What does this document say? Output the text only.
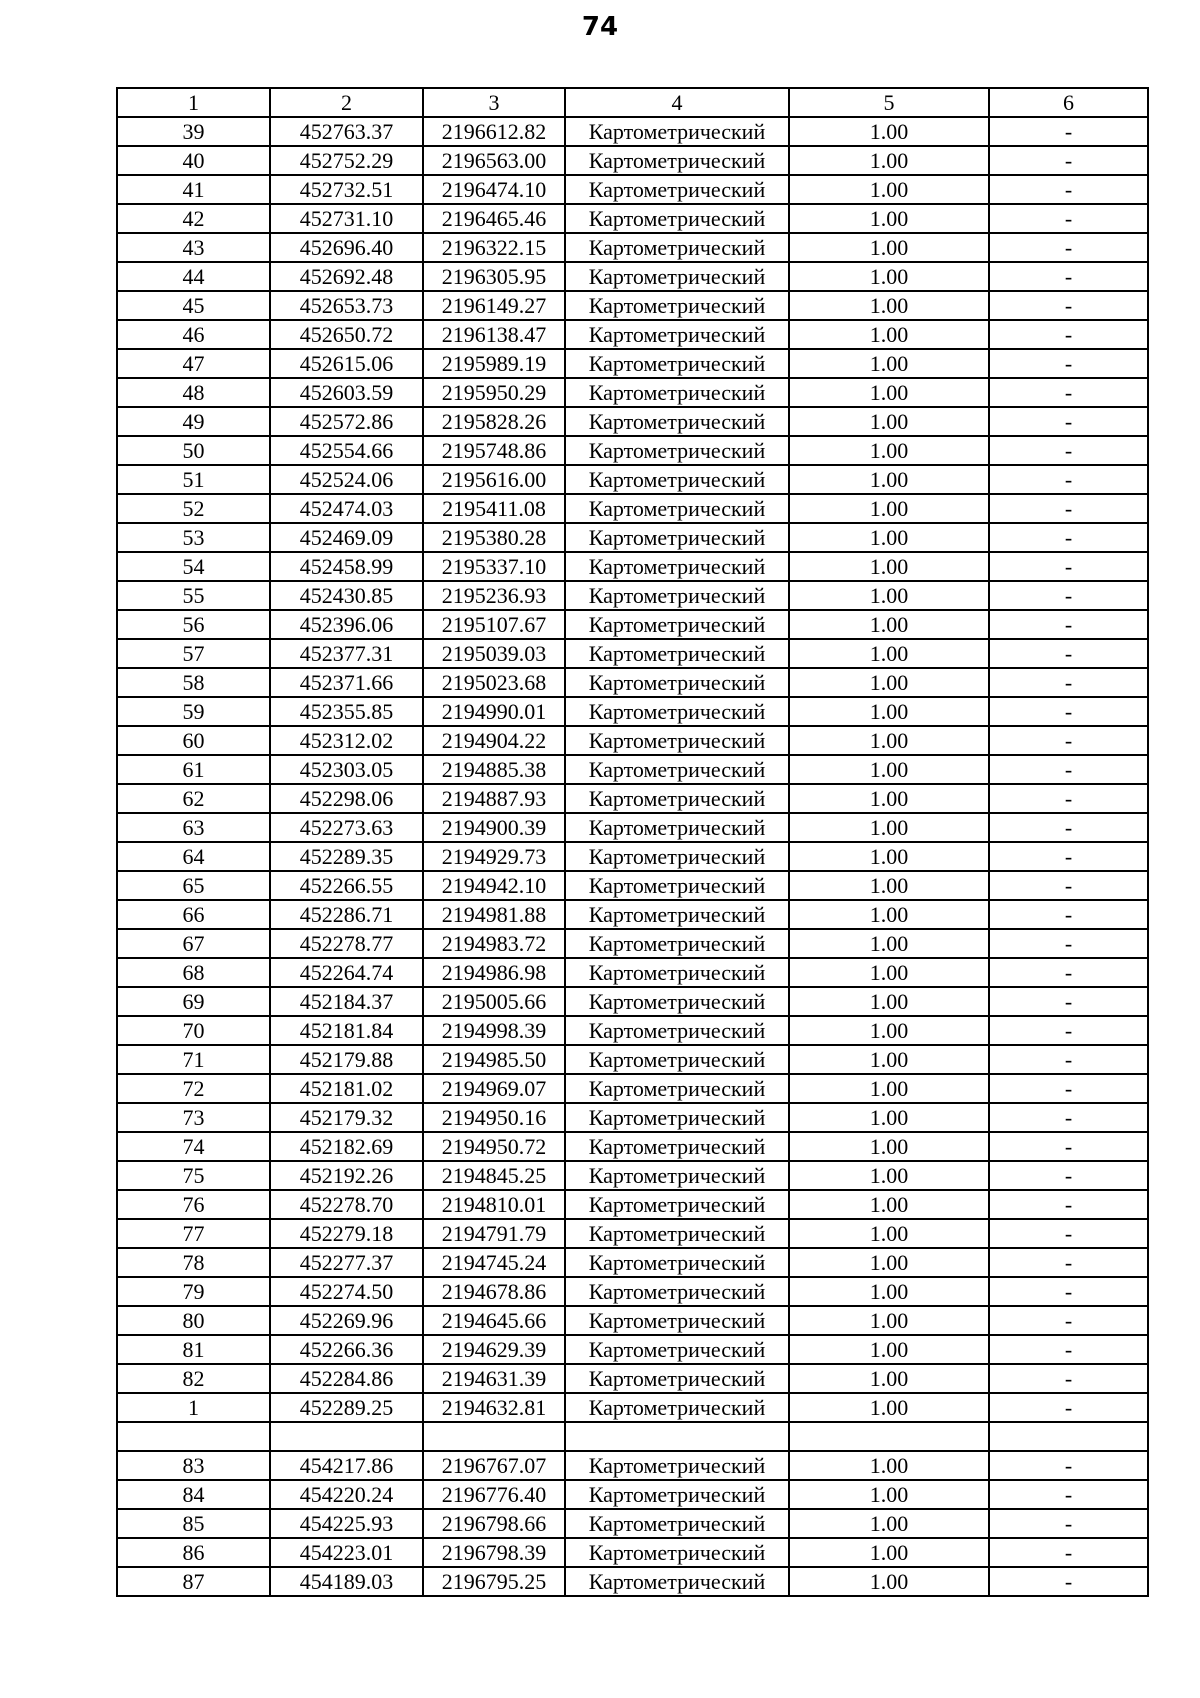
74
1	2	3	4	5	6
39	452763.37	2196612.82	Картометрический	1.00	-
40	452752.29	2196563.00	Картометрический	1.00	-
41	452732.51	2196474.10	Картометрический	1.00	-
42	452731.10	2196465.46	Картометрический	1.00	-
43	452696.40	2196322.15	Картометрический	1.00	-
44	452692.48	2196305.95	Картометрический	1.00	-
45	452653.73	2196149.27	Картометрический	1.00	-
46	452650.72	2196138.47	Картометрический	1.00	-
47	452615.06	2195989.19	Картометрический	1.00	-
48	452603.59	2195950.29	Картометрический	1.00	-
49	452572.86	2195828.26	Картометрический	1.00	-
50	452554.66	2195748.86	Картометрический	1.00	-
51	452524.06	2195616.00	Картометрический	1.00	-
52	452474.03	2195411.08	Картометрический	1.00	-
53	452469.09	2195380.28	Картометрический	1.00	-
54	452458.99	2195337.10	Картометрический	1.00	-
55	452430.85	2195236.93	Картометрический	1.00	-
56	452396.06	2195107.67	Картометрический	1.00	-
57	452377.31	2195039.03	Картометрический	1.00	-
58	452371.66	2195023.68	Картометрический	1.00	-
59	452355.85	2194990.01	Картометрический	1.00	-
60	452312.02	2194904.22	Картометрический	1.00	-
61	452303.05	2194885.38	Картометрический	1.00	-
62	452298.06	2194887.93	Картометрический	1.00	-
63	452273.63	2194900.39	Картометрический	1.00	-
64	452289.35	2194929.73	Картометрический	1.00	-
65	452266.55	2194942.10	Картометрический	1.00	-
66	452286.71	2194981.88	Картометрический	1.00	-
67	452278.77	2194983.72	Картометрический	1.00	-
68	452264.74	2194986.98	Картометрический	1.00	-
69	452184.37	2195005.66	Картометрический	1.00	-
70	452181.84	2194998.39	Картометрический	1.00	-
71	452179.88	2194985.50	Картометрический	1.00	-
72	452181.02	2194969.07	Картометрический	1.00	-
73	452179.32	2194950.16	Картометрический	1.00	-
74	452182.69	2194950.72	Картометрический	1.00	-
75	452192.26	2194845.25	Картометрический	1.00	-
76	452278.70	2194810.01	Картометрический	1.00	-
77	452279.18	2194791.79	Картометрический	1.00	-
78	452277.37	2194745.24	Картометрический	1.00	-
79	452274.50	2194678.86	Картометрический	1.00	-
80	452269.96	2194645.66	Картометрический	1.00	-
81	452266.36	2194629.39	Картометрический	1.00	-
82	452284.86	2194631.39	Картометрический	1.00	-
1	452289.25	2194632.81	Картометрический	1.00	-

83	454217.86	2196767.07	Картометрический	1.00	-
84	454220.24	2196776.40	Картометрический	1.00	-
85	454225.93	2196798.66	Картометрический	1.00	-
86	454223.01	2196798.39	Картометрический	1.00	-
87	454189.03	2196795.25	Картометрический	1.00	-
